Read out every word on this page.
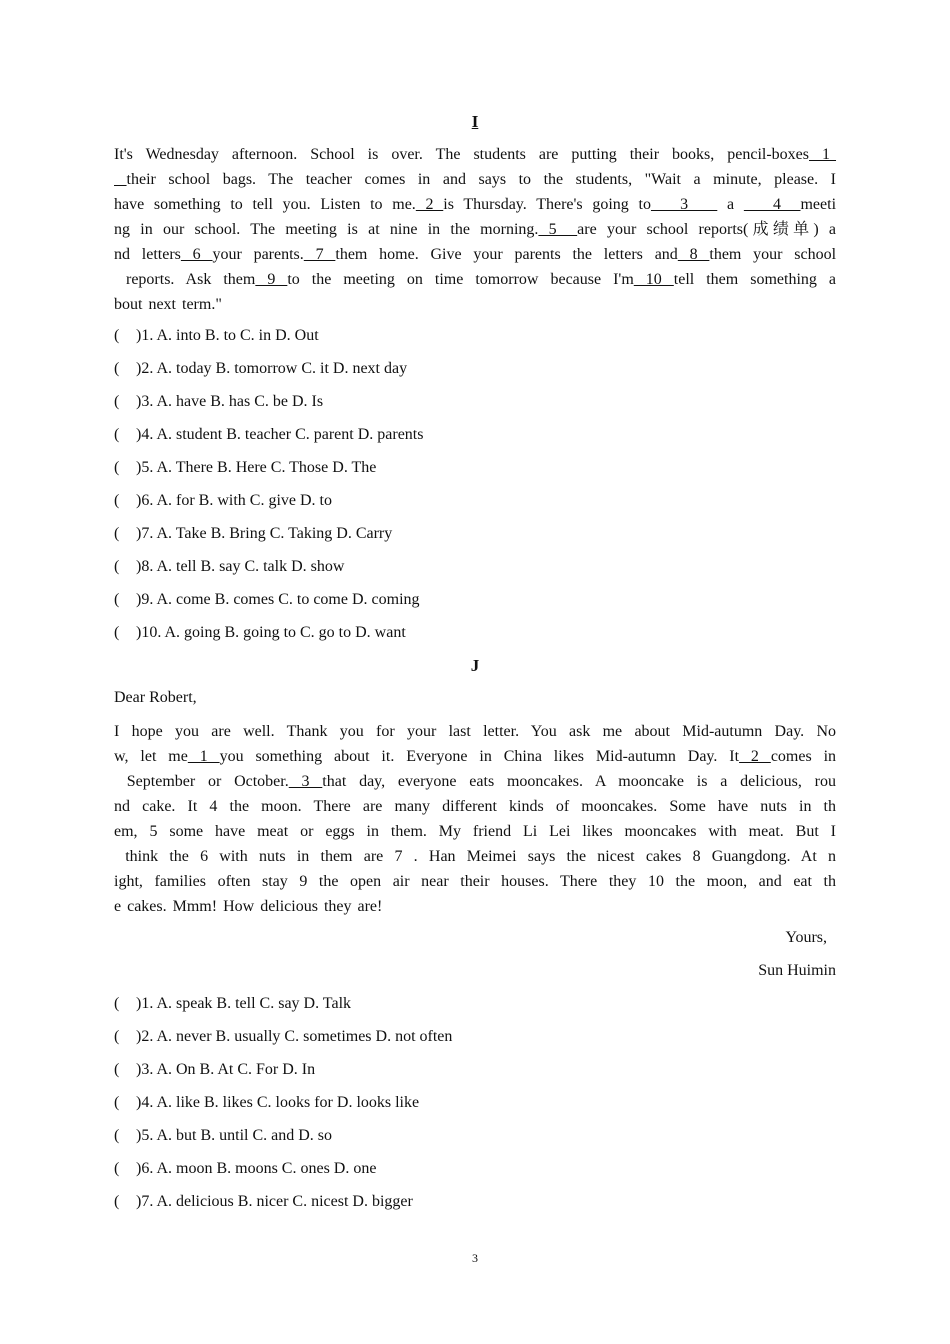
I
It's Wednesday afternoon. School is over. The students are putting their books, pencil-boxes 1
their school bags. The teacher comes in and says to the students, "Wait a minute, please. I
have something to tell you. Listen to me. 2 is Thursday. There's going to   3    a    4  meeti
ng in our school. The meeting is at nine in the morning. 5  are your school reports(成绩单) a
nd letters 6 your parents. 7 them home. Give your parents the letters and 8 them your school
reports. Ask them 9 to the meeting on time tomorrow because I'm 10 tell them something a
bout next term."
( )1. A. into B. to C. in D. Out
( )2. A. today B. tomorrow C. it D. next day
( )3. A. have B. has C. be D. Is
( )4. A. student B. teacher C. parent D. parents
( )5. A. There B. Here C. Those D. The
( )6. A. for B. with C. give D. to
( )7. A. Take B. Bring C. Taking D. Carry
( )8. A. tell B. say C. talk D. show
( )9. A. come B. comes C. to come D. coming
( )10. A. going B. going to C. go to D. want
J
Dear Robert,
I hope you are well. Thank you for your last letter. You ask me about Mid-autumn Day. No
w, let me 1 you something about it. Everyone in China likes Mid-autumn Day. It 2 comes in
September or October. 3 that day, everyone eats mooncakes. A mooncake is a delicious, rou
nd cake. It 4 the moon. There are many different kinds of mooncakes. Some have nuts in th
em, 5 some have meat or eggs in them. My friend Li Lei likes mooncakes with meat. But I
think the 6 with nuts in them are 7 . Han Meimei says the nicest cakes 8 Guangdong. At n
ight, families often stay 9 the open air near their houses. There they 10 the moon, and eat th
e cakes. Mmm! How delicious they are!
Yours,
Sun Huimin
( )1. A. speak B. tell C. say D. Talk
( )2. A. never B. usually C. sometimes D. not often
( )3. A. On B. At C. For D. In
( )4. A. like B. likes C. looks for D. looks like
( )5. A. but B. until C. and D. so
( )6. A. moon B. moons C. ones D. one
( )7. A. delicious B. nicer C. nicest D. bigger
3
